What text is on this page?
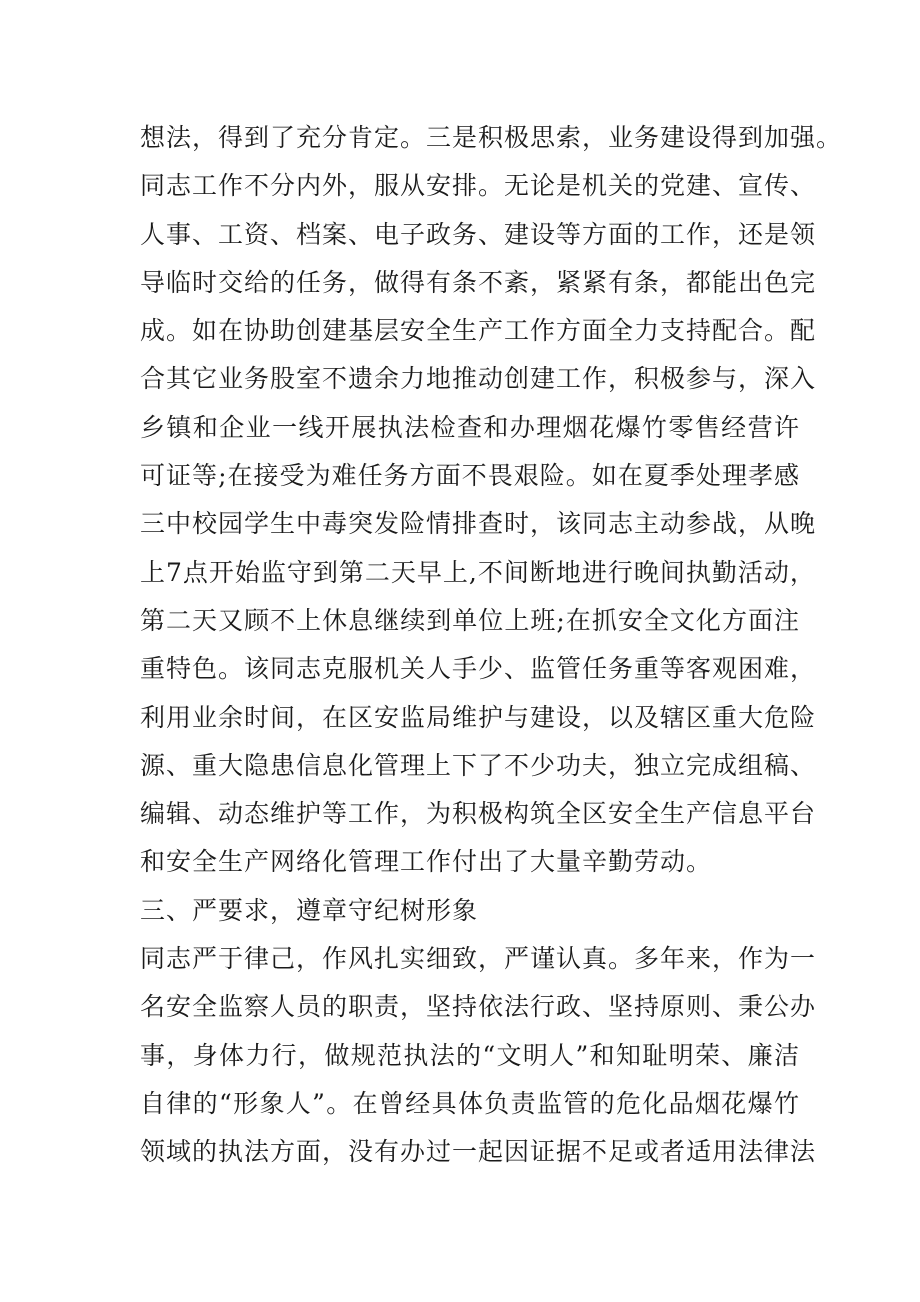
想法，得到了充分肯定。三是积极思索，业务建设得到加强。
同志工作不分内外，服从安排。无论是机关的党建、宣传、
人事、工资、档案、电子政务、建设等方面的工作，还是领
导临时交给的任务，做得有条不紊，紧紧有条，都能出色完
成。如在协助创建基层安全生产工作方面全力支持配合。配
合其它业务股室不遗余力地推动创建工作，积极参与，深入
乡镇和企业一线开展执法检查和办理烟花爆竹零售经营许
可证等;在接受为难任务方面不畏艰险。如在夏季处理孝感
三中校园学生中毒突发险情排查时，该同志主动参战，从晚
上7点开始监守到第二天早上,不间断地进行晚间执勤活动，
第二天又顾不上休息继续到单位上班;在抓安全文化方面注
重特色。该同志克服机关人手少、监管任务重等客观困难，
利用业余时间，在区安监局维护与建设，以及辖区重大危险
源、重大隐患信息化管理上下了不少功夫，独立完成组稿、
编辑、动态维护等工作，为积极构筑全区安全生产信息平台
和安全生产网络化管理工作付出了大量辛勤劳动。
三、严要求，遵章守纪树形象
同志严于律己，作风扎实细致，严谨认真。多年来，作为一
名安全监察人员的职责，坚持依法行政、坚持原则、秉公办
事，身体力行，做规范执法的“文明人”和知耻明荣、廉洁
自律的“形象人”。在曾经具体负责监管的危化品烟花爆竹
领域的执法方面，没有办过一起因证据不足或者适用法律法
